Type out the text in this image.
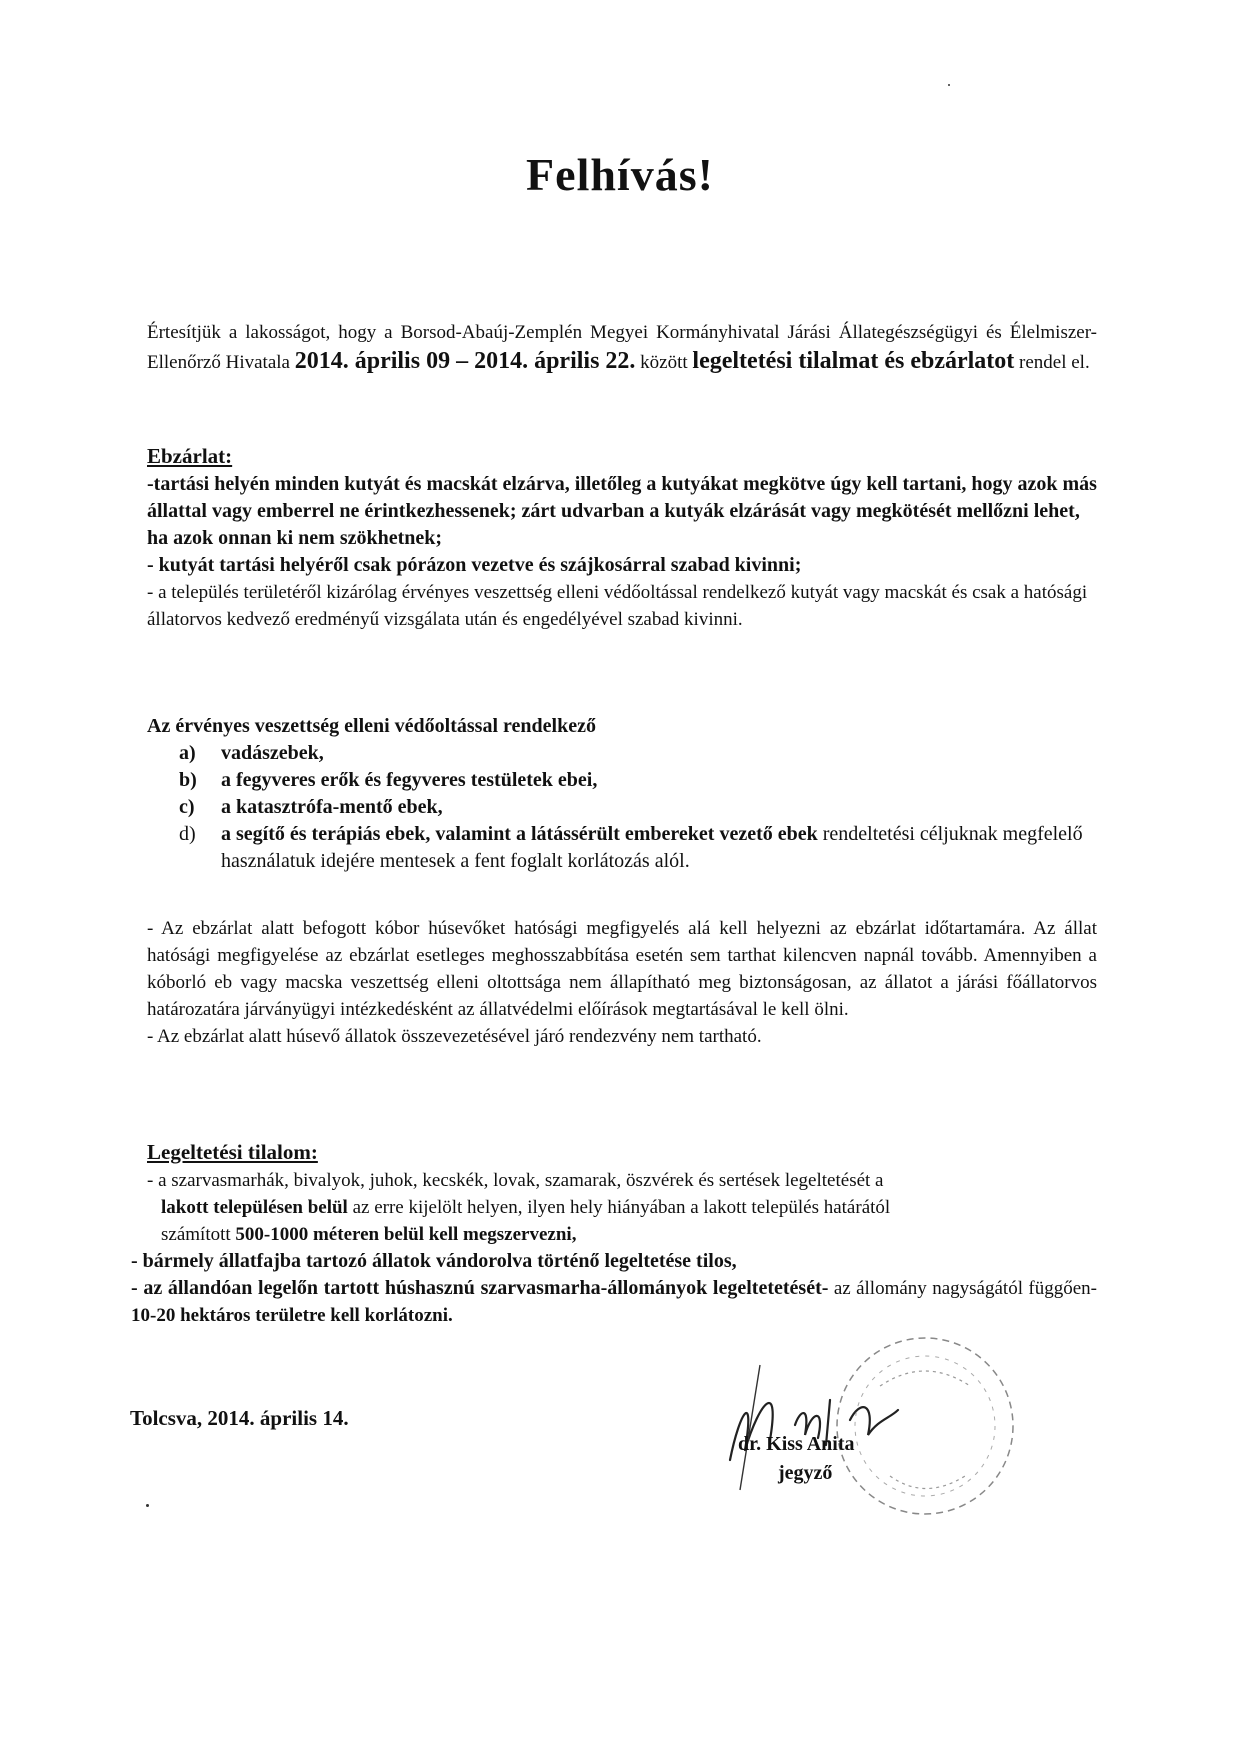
Felhívás!
Értesítjük a lakosságot, hogy a Borsod-Abaúj-Zemplén Megyei Kormányhivatal Járási Állategészségügyi és Élelmiszer- Ellenőrző Hivatala 2014. április 09 – 2014. április 22. között legeltetési tilalmat és ebzárlatot rendel el.
Ebzárlat:
-tartási helyén minden kutyát és macskát elzárva, illetőleg a kutyákat megkötve úgy kell tartani, hogy azok más állattal vagy emberrel ne érintkezhessenek; zárt udvarban a kutyák elzárását vagy megkötését mellőzni lehet, ha azok onnan ki nem szökhetnek;
- kutyát tartási helyéről csak pórázon vezetve és szájkosárral szabad kivinni;
- a település területéről kizárólag érvényes veszettség elleni védőoltással rendelkező kutyát vagy macskát és csak a hatósági állatorvos kedvező eredményű vizsgálata után és engedélyével szabad kivinni.
Az érvényes veszettség elleni védőoltással rendelkező
a)	vadászebek,
b)	a fegyveres erők és fegyveres testületek ebei,
c)	a katasztrófa-mentő ebek,
d)	a segítő és terápiás ebek, valamint a látássérült embereket vezető ebek rendeltetési céljuknak megfelelő használatuk idejére mentesek a fent foglalt korlátozás alól.
- Az ebzárlat alatt befogott kóbor húsevőket hatósági megfigyelés alá kell helyezni az ebzárlat időtartamára. Az állat hatósági megfigyelése az ebzárlat esetleges meghosszabbítása esetén sem tarthat kilencven napnál tovább. Amennyiben a kóborló eb vagy macska veszettség elleni oltottsága nem állapítható meg biztonságosan, az állatot a járási főállatorvos határozatára járványügyi intézkedésként az állatvédelmi előírások megtartásával le kell ölni.
- Az ebzárlat alatt húsevő állatok összevezetésével járó rendezvény nem tartható.
Legeltetési tilalom:
- a szarvasmarhák, bivalyok, juhok, kecskék, lovak, szamarak, öszvérek és sertések legeltetését a
lakott településen belül az erre kijelölt helyen, ilyen hely hiányában a lakott település határától
számított 500-1000 méteren belül kell megszervezni,
- bármely állatfajba tartozó állatok vándorolva történő legeltetése tilos,
- az állandóan legelőn tartott húshasznú szarvasmarha-állományok legeltetetését- az állomány nagyságától függően- 10-20 hektáros területre kell korlátozni.
Tolcsva, 2014. április 14.
dr. Kiss Anita
jegyző
